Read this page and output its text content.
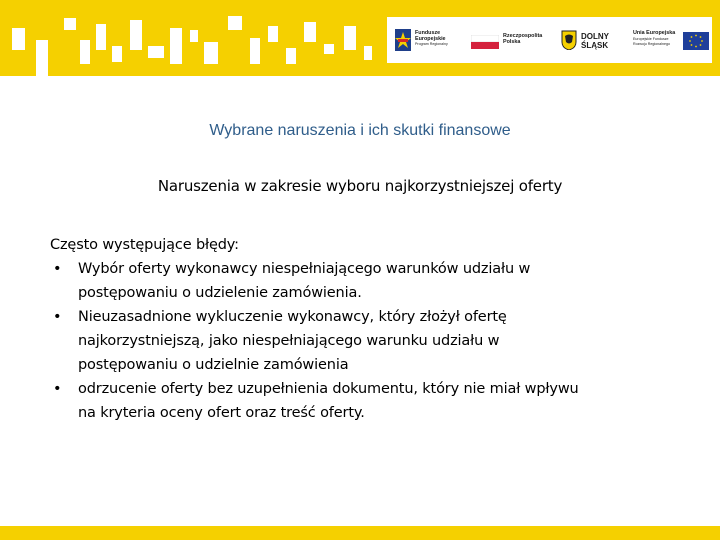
Fundusze
Europejskie
Program Regionalny
Rzeczpospolita
Polska
DOLNY
ŚLĄSK
Unia Europejska
Europejskie Fundusze
Rozwoju Regionalnego
Wybrane naruszenia i ich skutki finansowe
Naruszenia w zakresie wyboru najkorzystniejszej oferty
Często występujące błędy:
• Wybór oferty wykonawcy niespełniającego warunków udziału w
postępowaniu o udzielenie zamówienia.
• Nieuzasadnione wykluczenie wykonawcy, który złożył ofertę
najkorzystniejszą, jako niespełniającego warunku udziału w
postępowaniu o udzielnie zamówienia
• odrzucenie oferty bez uzupełnienia dokumentu, który nie miał wpływu
na kryteria oceny ofert oraz treść oferty.
